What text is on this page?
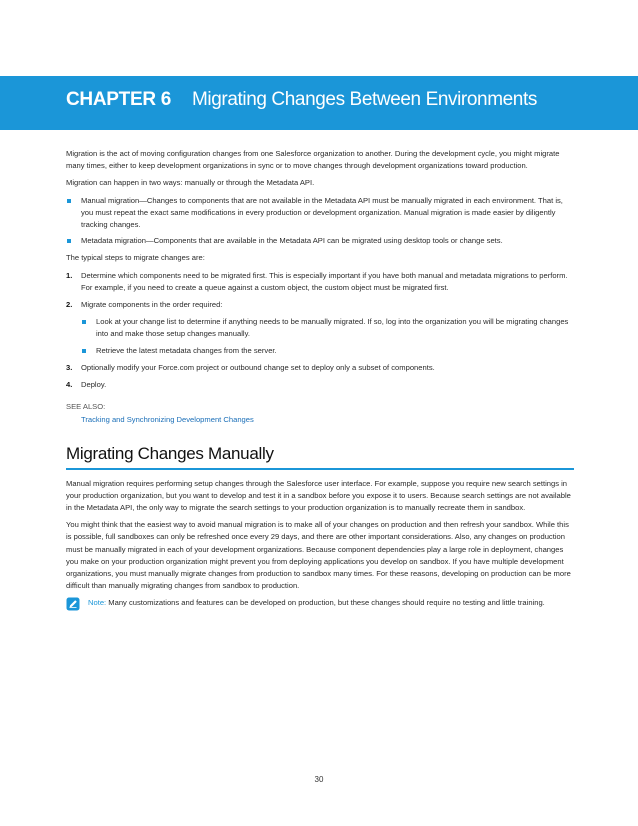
CHAPTER 6 Migrating Changes Between Environments

Migration is the act of moving configuration changes from one Salesforce organization to another. During the development cycle, you might migrate many times, either to keep development organizations in sync or to move changes through development organizations toward production.

Migration can happen in two ways: manually or through the Metadata API.

Manual migration—Changes to components that are not available in the Metadata API must be manually migrated in each environment. That is, you must repeat the exact same modifications in every production or development organization. Manual migration is made easier by diligently tracking changes.
Metadata migration—Components that are available in the Metadata API can be migrated using desktop tools or change sets.

The typical steps to migrate changes are:

1. Determine which components need to be migrated first. This is especially important if you have both manual and metadata migrations to perform. For example, if you need to create a queue against a custom object, the custom object must be migrated first.
2. Migrate components in the order required:
Look at your change list to determine if anything needs to be manually migrated. If so, log into the organization you will be migrating changes into and make those setup changes manually.
Retrieve the latest metadata changes from the server.
3. Optionally modify your Force.com project or outbound change set to deploy only a subset of components.
4. Deploy.
SEE ALSO:
Tracking and Synchronizing Development Changes
Migrating Changes Manually

Manual migration requires performing setup changes through the Salesforce user interface. For example, suppose you require new search settings in your production organization, but you want to develop and test it in a sandbox before you expose it to users. Because search settings are not available in the Metadata API, the only way to migrate the search settings to your production organization is to manually recreate them in sandbox.

You might think that the easiest way to avoid manual migration is to make all of your changes on production and then refresh your sandbox. While this is possible, full sandboxes can only be refreshed once every 29 days, and there are other important considerations. Also, any changes on production must be manually migrated in each of your development organizations. Because component dependencies play a large role in deployment, changes you make on your production organization might prevent you from deploying applications you develop on sandbox. If you have multiple development organizations, you must manually migrate changes from production to sandbox many times. For these reasons, developing on production can be more difficult than manually migrating changes from sandbox to production.

Note: Many customizations and features can be developed on production, but these changes should require no testing and little training.
30
